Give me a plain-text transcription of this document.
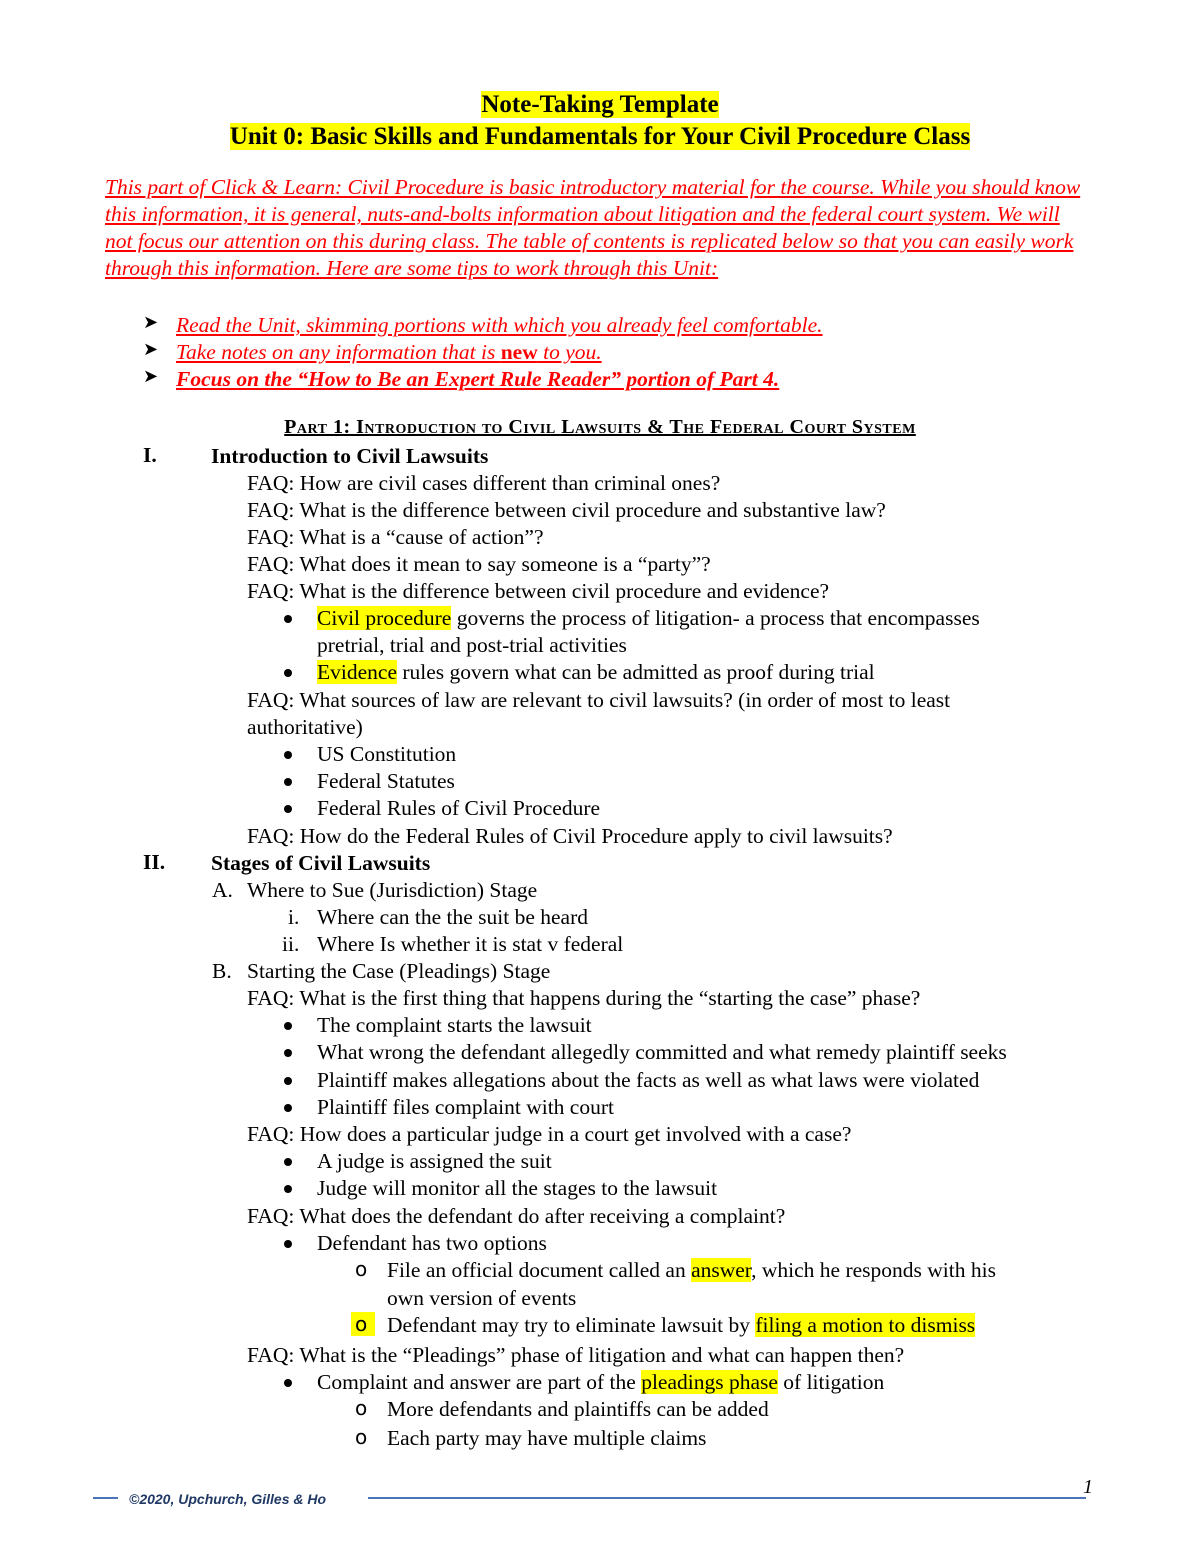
Note-Taking Template
Unit 0: Basic Skills and Fundamentals for Your Civil Procedure Class
This part of Click & Learn: Civil Procedure is basic introductory material for the course. While you should know this information, it is general, nuts-and-bolts information about litigation and the federal court system. We will not focus our attention on this during class. The table of contents is replicated below so that you can easily work through this information. Here are some tips to work through this Unit:
➤ Read the Unit, skimming portions with which you already feel comfortable.
➤ Take notes on any information that is new to you.
➤ Focus on the “How to Be an Expert Rule Reader” portion of Part 4.
Part 1: Introduction to Civil Lawsuits & The Federal Court System
I.	Introduction to Civil Lawsuits
FAQ: How are civil cases different than criminal ones?
FAQ: What is the difference between civil procedure and substantive law?
FAQ: What is a “cause of action”?
FAQ: What does it mean to say someone is a “party”?
FAQ: What is the difference between civil procedure and evidence?
Civil procedure governs the process of litigation- a process that encompasses
pretrial, trial and post-trial activities
Evidence rules govern what can be admitted as proof during trial
FAQ: What sources of law are relevant to civil lawsuits? (in order of most to least
authoritative)
US Constitution
Federal Statutes
Federal Rules of Civil Procedure
FAQ: How do the Federal Rules of Civil Procedure apply to civil lawsuits?
II. Stages of Civil Lawsuits
A. Where to Sue (Jurisdiction) Stage
i. Where can the the suit be heard
ii. Where Is whether it is stat v federal
B. Starting the Case (Pleadings) Stage
FAQ: What is the first thing that happens during the “starting the case” phase?
The complaint starts the lawsuit
What wrong the defendant allegedly committed and what remedy plaintiff seeks
Plaintiff makes allegations about the facts as well as what laws were violated
Plaintiff files complaint with court
FAQ: How does a particular judge in a court get involved with a case?
A judge is assigned the suit
Judge will monitor all the stages to the lawsuit
FAQ: What does the defendant do after receiving a complaint?
Defendant has two options
o File an official document called an answer, which he responds with his
own version of events
o Defendant may try to eliminate lawsuit by filing a motion to dismiss
FAQ: What is the “Pleadings” phase of litigation and what can happen then?
Complaint and answer are part of the pleadings phase of litigation
o More defendants and plaintiffs can be added
o Each party may have multiple claims
©2020, Upchurch, Gilles & Ho
1
